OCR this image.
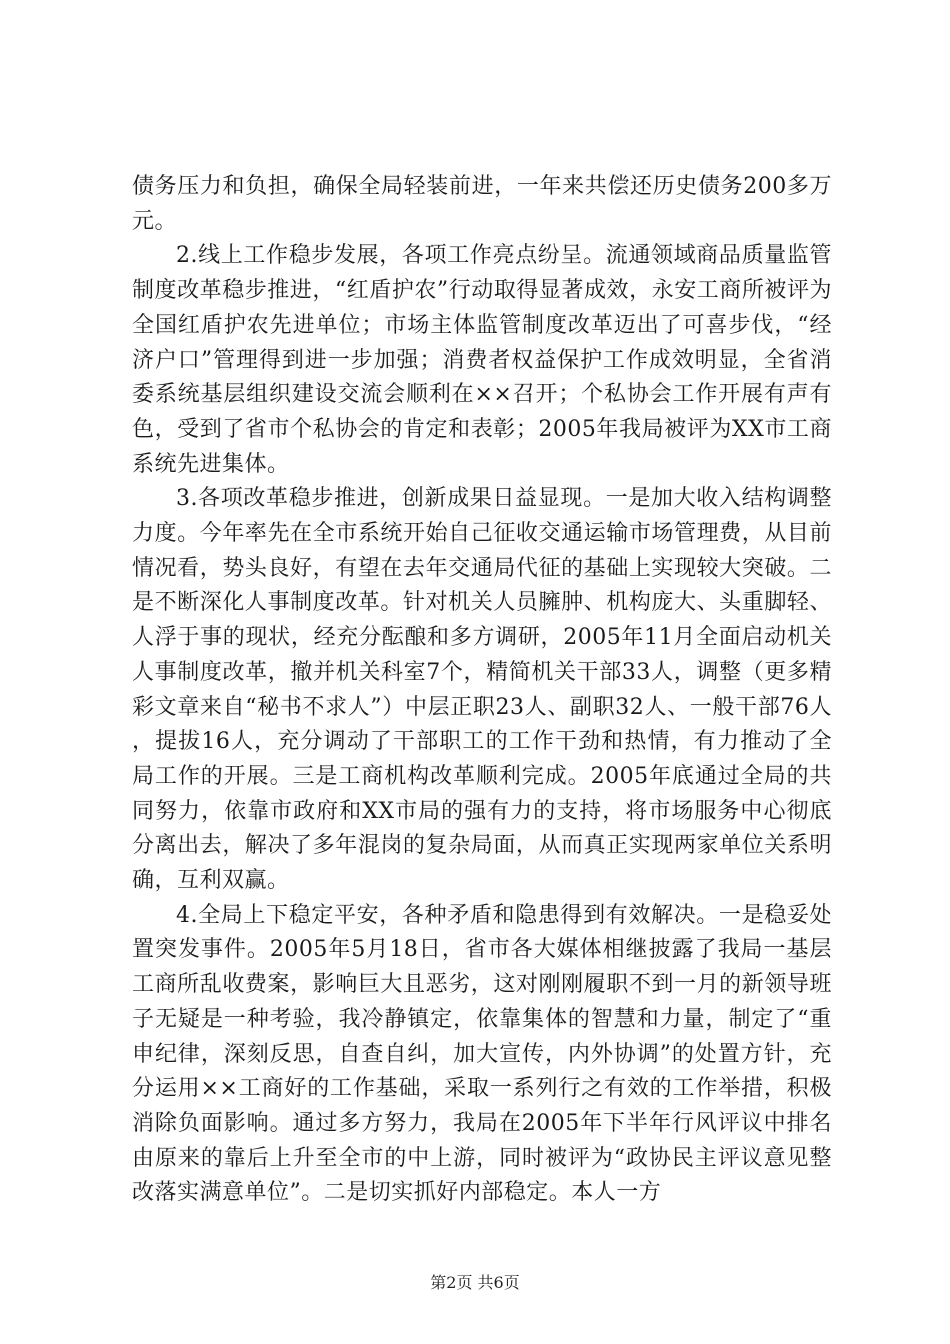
债务压力和负担，确保全局轻装前进，一年来共偿还历史债务200多万元。

2.线上工作稳步发展，各项工作亮点纷呈。流通领域商品质量监管制度改革稳步推进，“红盾护农”行动取得显著成效，永安工商所被评为全国红盾护农先进单位；市场主体监管制度改革迈出了可喜步伐，“经济户口”管理得到进一步加强；消费者权益保护工作成效明显，全省消委系统基层组织建设交流会顺利在××召开；个私协会工作开展有声有色，受到了省市个私协会的肯定和表彰；2005年我局被评为XX市工商系统先进集体。

3.各项改革稳步推进，创新成果日益显现。一是加大收入结构调整力度。今年率先在全市系统开始自己征收交通运输市场管理费，从目前情况看，势头良好，有望在去年交通局代征的基础上实现较大突破。二是不断深化人事制度改革。针对机关人员臃肿、机构庞大、头重脚轻、人浮于事的现状，经充分酝酿和多方调研，2005年11月全面启动机关人事制度改革，撤并机关科室7个，精简机关干部33人，调整（更多精彩文章来自“秘书不求人”）中层正职23人、副职32人、一般干部76人，提拔16人，充分调动了干部职工的工作干劲和热情，有力推动了全局工作的开展。三是工商机构改革顺利完成。2005年底通过全局的共同努力，依靠市政府和XX市局的强有力的支持，将市场服务中心彻底分离出去，解决了多年混岗的复杂局面，从而真正实现两家单位关系明确，互利双赢。

4.全局上下稳定平安，各种矛盾和隐患得到有效解决。一是稳妥处置突发事件。2005年5月18日，省市各大媒体相继披露了我局一基层工商所乱收费案，影响巨大且恶劣，这对刚刚履职不到一月的新领导班子无疑是一种考验，我冷静镇定，依靠集体的智慧和力量，制定了“重申纪律，深刻反思，自查自纠，加大宣传，内外协调”的处置方针，充分运用××工商好的工作基础，采取一系列行之有效的工作举措，积极消除负面影响。通过多方努力，我局在2005年下半年行风评议中排名由原来的靠后上升至全市的中上游，同时被评为“政协民主评议意见整改落实满意单位”。二是切实抓好内部稳定。本人一方

第2页 共6页
